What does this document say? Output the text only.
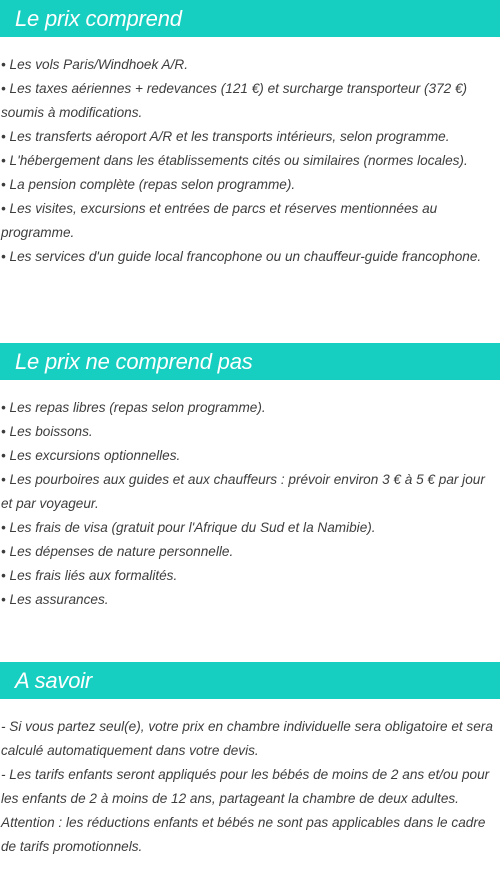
Le prix comprend
• Les vols Paris/Windhoek A/R.
• Les taxes aériennes + redevances (121 €) et surcharge transporteur (372 €) soumis à modifications.
• Les transferts aéroport A/R et les transports intérieurs, selon programme.
• L'hébergement dans les établissements cités ou similaires (normes locales).
• La pension complète (repas selon programme).
• Les visites, excursions et entrées de parcs et réserves mentionnées au programme.
• Les services d'un guide local francophone ou un chauffeur-guide francophone.
Le prix ne comprend pas
• Les repas libres (repas selon programme).
• Les boissons.
• Les excursions optionnelles.
• Les pourboires aux guides et aux chauffeurs : prévoir environ 3 € à 5 € par jour et par voyageur.
• Les frais de visa (gratuit pour l'Afrique du Sud et la Namibie).
• Les dépenses de nature personnelle.
• Les frais liés aux formalités.
• Les assurances.
A savoir
- Si vous partez seul(e), votre prix en chambre individuelle sera obligatoire et sera calculé automatiquement dans votre devis.
- Les tarifs enfants seront appliqués pour les bébés de moins de 2 ans et/ou pour les enfants de 2 à moins de 12 ans, partageant la chambre de deux adultes.
Attention : les réductions enfants et bébés ne sont pas applicables dans le cadre de tarifs promotionnels.
